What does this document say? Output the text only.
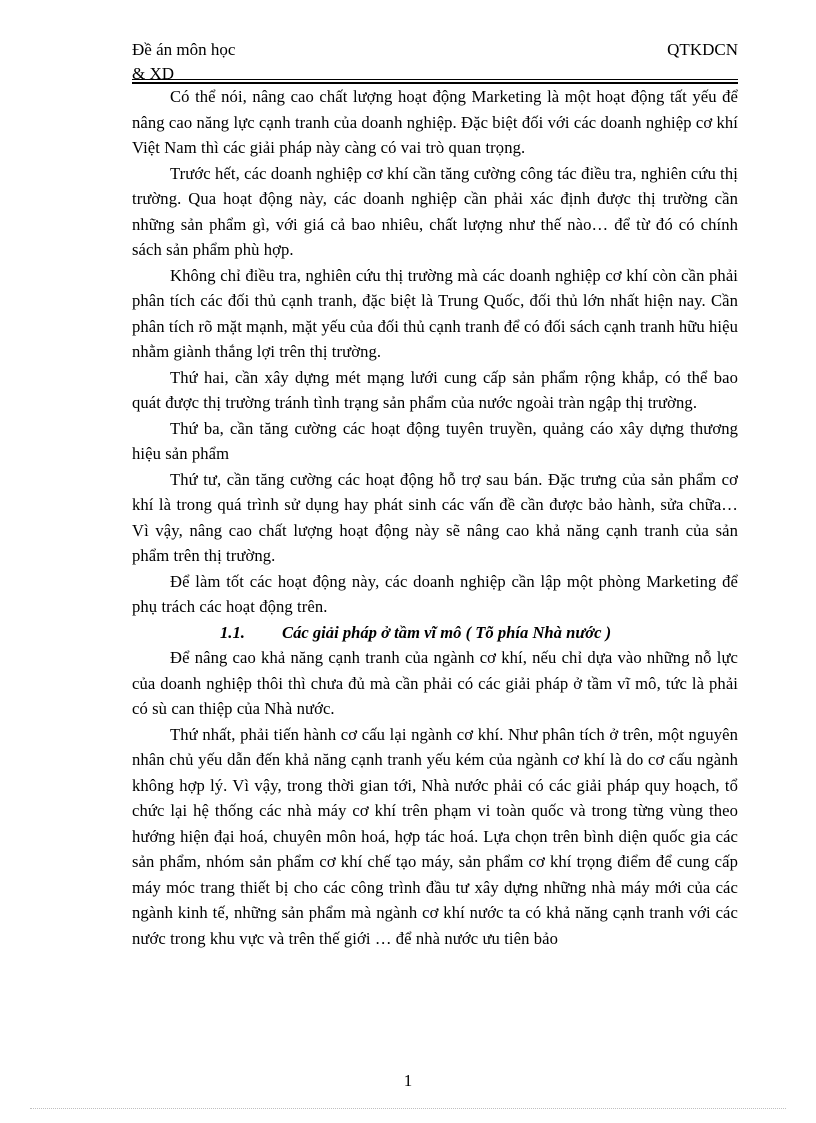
Đề án môn học
& XD
QTKDCN

Có thể nói, nâng cao chất lượng hoạt động Marketing là một hoạt động tất yếu để nâng cao năng lực cạnh tranh của doanh nghiệp. Đặc biệt đối với các doanh nghiệp cơ khí Việt Nam thì các giải pháp này càng có vai trò quan trọng.

Trước hết, các doanh nghiệp cơ khí cần tăng cường công tác điều tra, nghiên cứu thị trường. Qua hoạt động này, các doanh nghiệp cần phải xác định được thị trường cần những sản phẩm gì, với giá cả bao nhiêu, chất lượng như thế nào… để từ đó có chính sách sản phẩm phù hợp.

Không chỉ điều tra, nghiên cứu thị trường mà các doanh nghiệp cơ khí còn cần phải phân tích các đối thủ cạnh tranh, đặc biệt là Trung Quốc, đối thủ lớn nhất hiện nay. Cần phân tích rõ mặt mạnh, mặt yếu của đối thủ cạnh tranh để có đối sách cạnh tranh hữu hiệu nhằm giành thắng lợi trên thị trường.

Thứ hai, cần xây dựng mét mạng lưới cung cấp sản phẩm rộng khắp, có thể bao quát được thị trường tránh tình trạng sản phẩm của nước ngoài tràn ngập thị trường.

Thứ ba, cần tăng cường các hoạt động tuyên truyền, quảng cáo xây dựng thương hiệu sản phẩm

Thứ tư, cần tăng cường các hoạt động hỗ trợ sau bán. Đặc trưng của sản phẩm cơ khí là trong quá trình sử dụng hay phát sinh các vấn đề cần được bảo hành, sửa chữa… Vì vậy, nâng cao chất lượng hoạt động này sẽ nâng cao khả năng cạnh tranh của sản phẩm trên thị trường.

Để làm tốt các hoạt động này, các doanh nghiệp cần lập một phòng Marketing để phụ trách các hoạt động trên.

1.1. Các giải pháp ở tầm vĩ mô ( Tõ phía Nhà nước )

Để nâng cao khả năng cạnh tranh của ngành cơ khí, nếu chỉ dựa vào những nỗ lực của doanh nghiệp thôi thì chưa đủ mà cần phải có các giải pháp ở tầm vĩ mô, tức là phải có sù can thiệp của Nhà nước.

Thứ nhất, phải tiến hành cơ cấu lại ngành cơ khí. Như phân tích ở trên, một nguyên nhân chủ yếu dẫn đến khả năng cạnh tranh yếu kém của ngành cơ khí là do cơ cấu ngành không hợp lý. Vì vậy, trong thời gian tới, Nhà nước phải có các giải pháp quy hoạch, tổ chức lại hệ thống các nhà máy cơ khí trên phạm vi toàn quốc và trong từng vùng theo hướng hiện đại hoá, chuyên môn hoá, hợp tác hoá. Lựa chọn trên bình diện quốc gia các sản phẩm, nhóm sản phẩm cơ khí chế tạo máy, sản phẩm cơ khí trọng điểm để cung cấp máy móc trang thiết bị cho các công trình đầu tư xây dựng những nhà máy mới của các ngành kinh tế, những sản phẩm mà ngành cơ khí nước ta có khả năng cạnh tranh với các nước trong khu vực và trên thế giới … để nhà nước ưu tiên bảo

1
